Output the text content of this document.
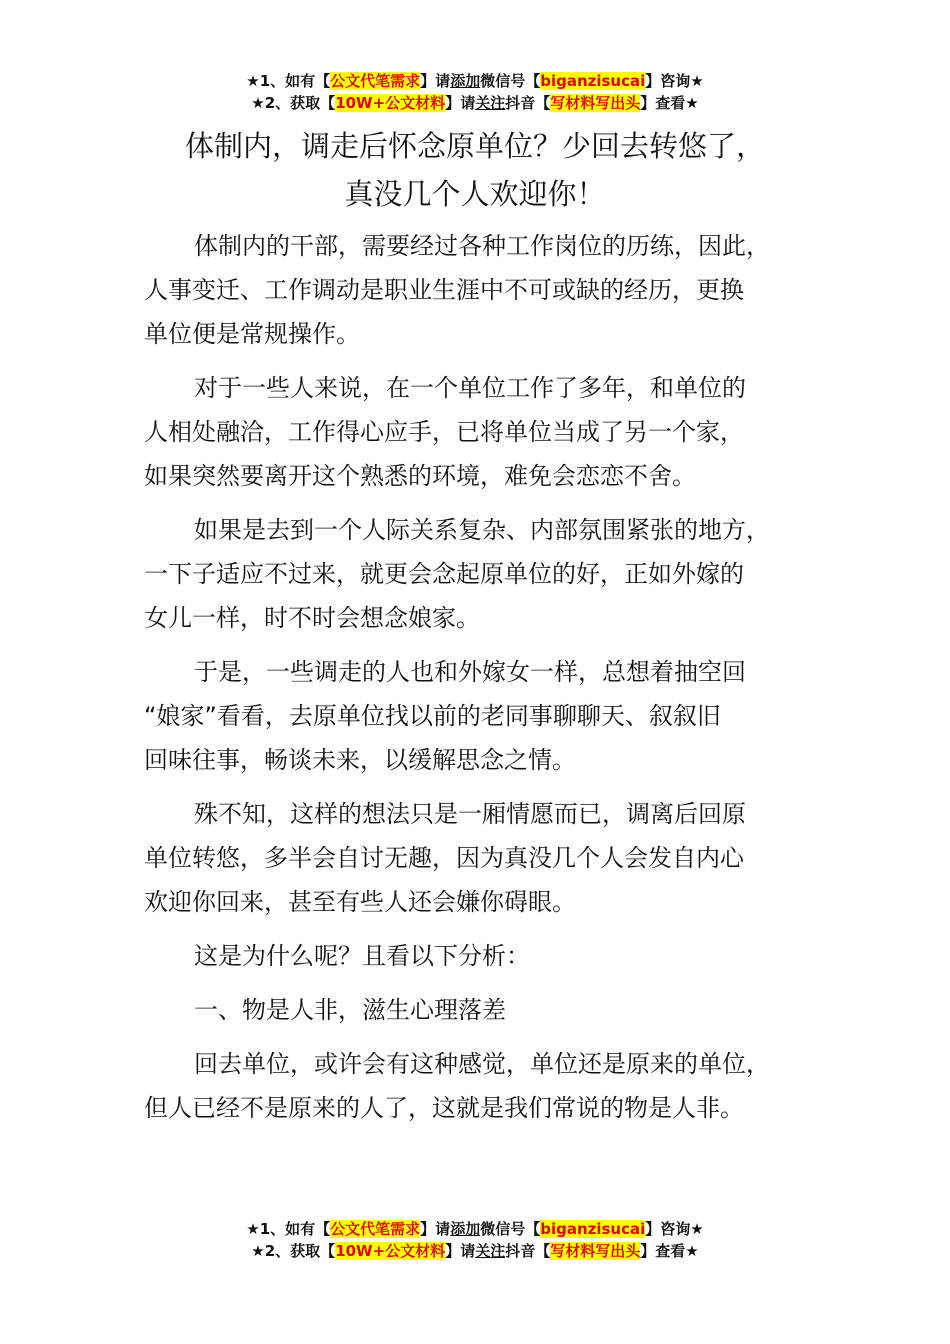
★1、如有【公文代笔需求】请添加微信号【biganzisucai】咨询★
★2、获取【10W+公文材料】请关注抖音【写材料写出头】查看★
体制内，调走后怀念原单位？少回去转悠了，
真没几个人欢迎你！

体制内的干部，需要经过各种工作岗位的历练，因此，
人事变迁、工作调动是职业生涯中不可或缺的经历，更换
单位便是常规操作。

对于一些人来说，在一个单位工作了多年，和单位的
人相处融洽，工作得心应手，已将单位当成了另一个家，
如果突然要离开这个熟悉的环境，难免会恋恋不舍。

如果是去到一个人际关系复杂、内部氛围紧张的地方，
一下子适应不过来，就更会念起原单位的好，正如外嫁的
女儿一样，时不时会想念娘家。

于是，一些调走的人也和外嫁女一样，总想着抽空回
“娘家”看看，去原单位找以前的老同事聊聊天、叙叙旧
回味往事，畅谈未来，以缓解思念之情。

殊不知，这样的想法只是一厢情愿而已，调离后回原
单位转悠，多半会自讨无趣，因为真没几个人会发自内心
欢迎你回来，甚至有些人还会嫌你碍眼。

这是为什么呢？且看以下分析：

一、物是人非，滋生心理落差

回去单位，或许会有这种感觉，单位还是原来的单位，
但人已经不是原来的人了，这就是我们常说的物是人非。

★1、如有【公文代笔需求】请添加微信号【biganzisucai】咨询★
★2、获取【10W+公文材料】请关注抖音【写材料写出头】查看★
